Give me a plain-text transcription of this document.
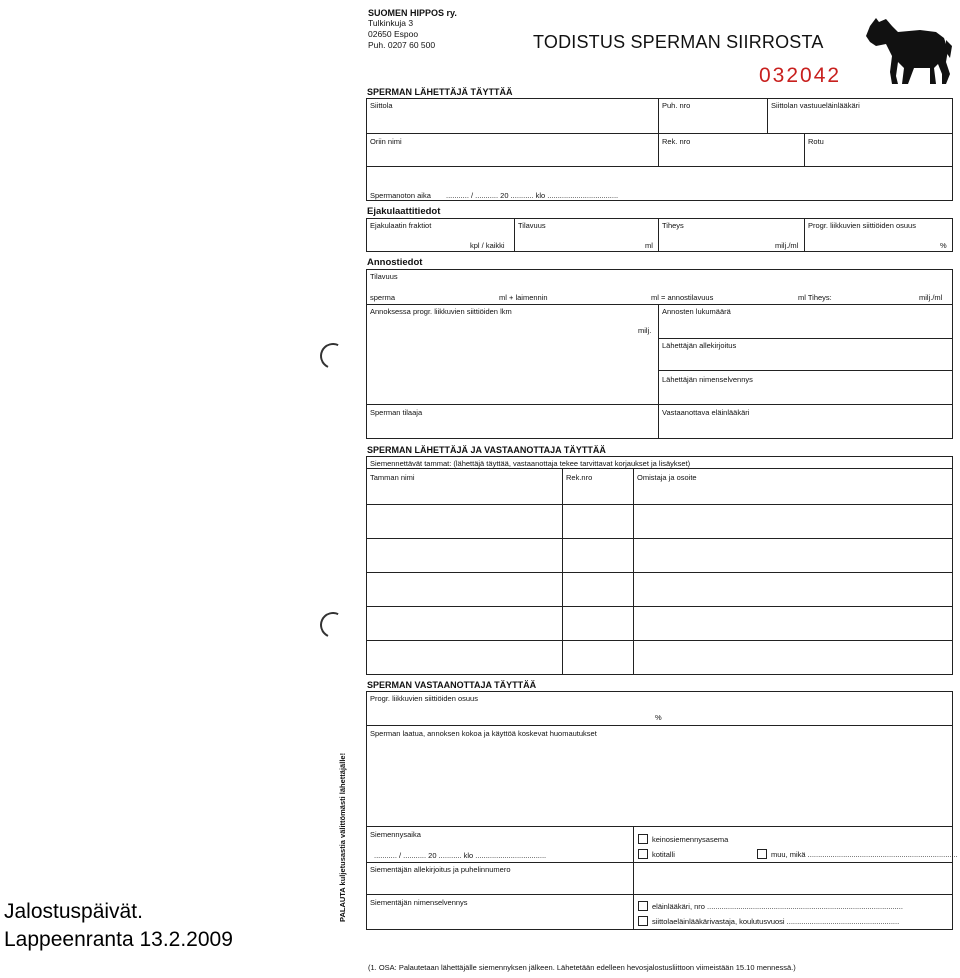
SUOMEN HIPPOS ry.
Tulkinkuja 3
02650 Espoo
Puh. 0207 60 500	TODISTUS SPERMAN SIIRROSTA
032042
SPERMAN LÄHETTÄJÄ TÄYTTÄÄ
Siittola	Puh. nro	Siittolan vastuueläinlääkäri
Oriin nimi	Rek. nro	Rotu
Spermanoton aika ........... / ........... 20 ........... klo ..................................
Ejakulaattitiedot
Ejakulaatin fraktiot	Tilavuus	Tiheys	Progr. liikkuvien siittiöiden osuus
kpl / kaikki	ml	milj./ml	%
Annostiedot
Tilavuus
sperma	ml + laimennin	ml = annostilavuus	ml Tiheys:	milj./ml
Annoksessa progr. liikkuvien siittiöiden lkm	Annosten lukumäärä
milj.
Lähettäjän allekirjoitus
Lähettäjän nimenselvennys
Sperman tilaaja	Vastaanottava eläinlääkäri
SPERMAN LÄHETTÄJÄ JA VASTAANOTTAJA TÄYTTÄÄ
Siemennettävät tammat: (lähettäjä täyttää, vastaanottaja tekee tarvittavat korjaukset ja lisäykset)
Tamman nimi	Rek.nro	Omistaja ja osoite
SPERMAN VASTAANOTTAJA TÄYTTÄÄ
Progr. liikkuvien siittiöiden osuus
%
Sperman laatua, annoksen kokoa ja käyttöä koskevat huomautukset
Siemennysaika
........... / ........... 20 ........... klo ..................................
keinosiemennysasema
kotitalli	muu, mikä ........................................................................
Siementäjän allekirjoitus ja puhelinnumero
Siementäjän nimenselvennys	eläinlääkäri, nro ..............................................................................................
siittolaeläinlääkärivastaja, koulutusvuosi ......................................................
PALAUTA kuljetusastia välittömästi lähettäjälle!
(1. OSA: Palautetaan lähettäjälle siemennyksen jälkeen. Lähetetään edelleen hevosjalostusliittoon viimeistään 15.10 mennessä.)
Jalostuspäivät.
Lappeenranta 13.2.2009
